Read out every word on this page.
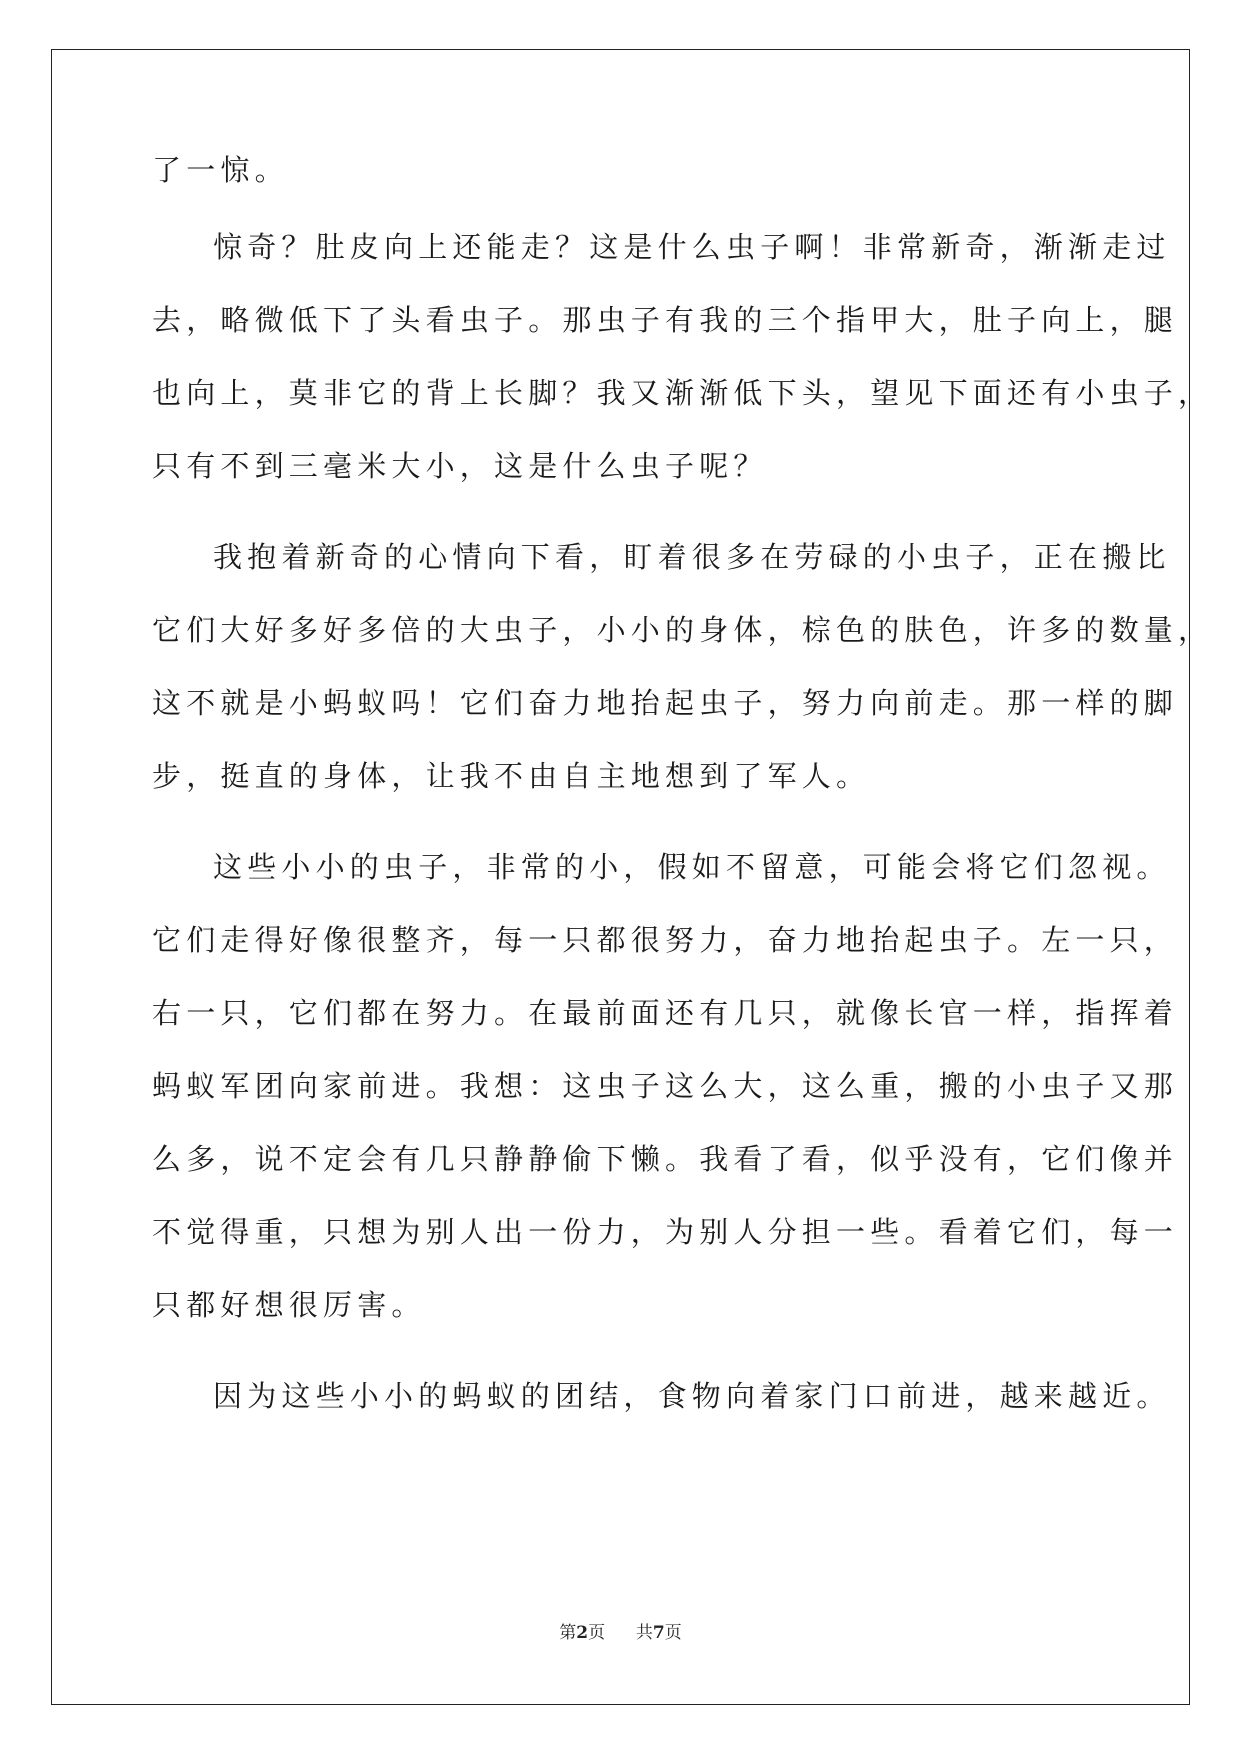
了一惊。
惊奇？肚皮向上还能走？这是什么虫子啊！非常新奇，渐渐走过
去，略微低下了头看虫子。那虫子有我的三个指甲大，肚子向上，腿
也向上，莫非它的背上长脚？我又渐渐低下头，望见下面还有小虫子，
只有不到三毫米大小，这是什么虫子呢？
我抱着新奇的心情向下看，盯着很多在劳碌的小虫子，正在搬比
它们大好多好多倍的大虫子，小小的身体，棕色的肤色，许多的数量，
这不就是小蚂蚁吗！它们奋力地抬起虫子，努力向前走。那一样的脚
步，挺直的身体，让我不由自主地想到了军人。
这些小小的虫子，非常的小，假如不留意，可能会将它们忽视。
它们走得好像很整齐，每一只都很努力，奋力地抬起虫子。左一只，
右一只，它们都在努力。在最前面还有几只，就像长官一样，指挥着
蚂蚁军团向家前进。我想：这虫子这么大，这么重，搬的小虫子又那
么多，说不定会有几只静静偷下懒。我看了看，似乎没有，它们像并
不觉得重，只想为别人出一份力，为别人分担一些。看着它们，每一
只都好想很厉害。
因为这些小小的蚂蚁的团结，食物向着家门口前进，越来越近。
第2页 共7页
